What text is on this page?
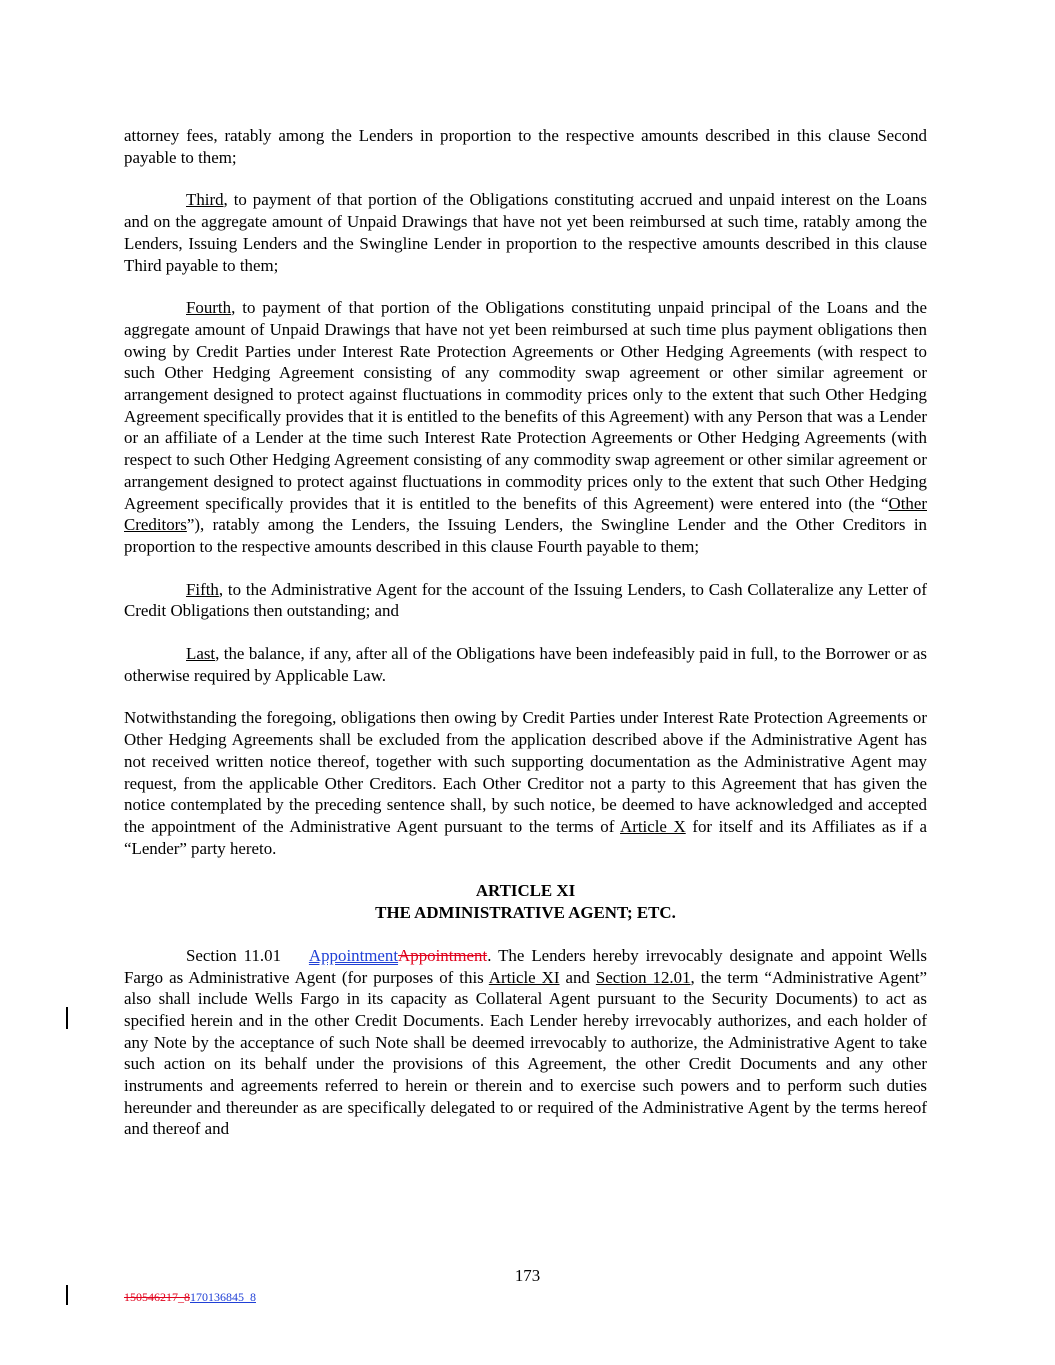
attorney fees, ratably among the Lenders in proportion to the respective amounts described in this clause Second payable to them;

Third, to payment of that portion of the Obligations constituting accrued and unpaid interest on the Loans and on the aggregate amount of Unpaid Drawings that have not yet been reimbursed at such time, ratably among the Lenders, Issuing Lenders and the Swingline Lender in proportion to the respective amounts described in this clause Third payable to them;

Fourth, to payment of that portion of the Obligations constituting unpaid principal of the Loans and the aggregate amount of Unpaid Drawings that have not yet been reimbursed at such time plus payment obligations then owing by Credit Parties under Interest Rate Protection Agreements or Other Hedging Agreements (with respect to such Other Hedging Agreement consisting of any commodity swap agreement or other similar agreement or arrangement designed to protect against fluctuations in commodity prices only to the extent that such Other Hedging Agreement specifically provides that it is entitled to the benefits of this Agreement) with any Person that was a Lender or an affiliate of a Lender at the time such Interest Rate Protection Agreements or Other Hedging Agreements (with respect to such Other Hedging Agreement consisting of any commodity swap agreement or other similar agreement or arrangement designed to protect against fluctuations in commodity prices only to the extent that such Other Hedging Agreement specifically provides that it is entitled to the benefits of this Agreement) were entered into (the “Other Creditors”), ratably among the Lenders, the Issuing Lenders, the Swingline Lender and the Other Creditors in proportion to the respective amounts described in this clause Fourth payable to them;

Fifth, to the Administrative Agent for the account of the Issuing Lenders, to Cash Collateralize any Letter of Credit Obligations then outstanding; and

Last, the balance, if any, after all of the Obligations have been indefeasibly paid in full, to the Borrower or as otherwise required by Applicable Law.

Notwithstanding the foregoing, obligations then owing by Credit Parties under Interest Rate Protection Agreements or Other Hedging Agreements shall be excluded from the application described above if the Administrative Agent has not received written notice thereof, together with such supporting documentation as the Administrative Agent may request, from the applicable Other Creditors. Each Other Creditor not a party to this Agreement that has given the notice contemplated by the preceding sentence shall, by such notice, be deemed to have acknowledged and accepted the appointment of the Administrative Agent pursuant to the terms of Article X for itself and its Affiliates as if a “Lender” party hereto.

ARTICLE XI
THE ADMINISTRATIVE AGENT; ETC.

Section 11.01 AppointmentAppointment. The Lenders hereby irrevocably designate and appoint Wells Fargo as Administrative Agent (for purposes of this Article XI and Section 12.01, the term “Administrative Agent” also shall include Wells Fargo in its capacity as Collateral Agent pursuant to the Security Documents) to act as specified herein and in the other Credit Documents. Each Lender hereby irrevocably authorizes, and each holder of any Note by the acceptance of such Note shall be deemed irrevocably to authorize, the Administrative Agent to take such action on its behalf under the provisions of this Agreement, the other Credit Documents and any other instruments and agreements referred to herein or therein and to exercise such powers and to perform such duties hereunder and thereunder as are specifically delegated to or required of the Administrative Agent by the terms hereof and thereof and

173
150546217_8170136845_8
